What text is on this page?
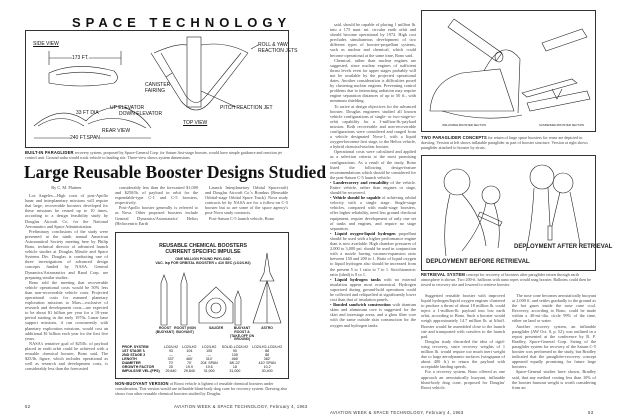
SPACE TECHNOLOGY
SIDE VIEW
173 FT.
ROLL & YAW
REACTION JETS
CANISTER
FAIRING
33 FT DIA
UP ELEVATOR
DOWN ELEVATOR
PITCH REACTION JET
REAR VIEW
TOP VIEW
240 FT.SPAN
BUILT-IN PARAGLIDER recovery system, proposed by Space-General Corp. for Saturn first-stage booster, would have simple guidance and reaction jet control unit. Ground radar would track vehicle to landing site. Three-view shows system dimensions.
Large Reusable Booster Designs Studied
By C. M. Plattner

Los Angeles—High costs of post-Apollo lunar and interplanetary missions will require that large, recoverable boosters developed for these missions be reused up to 10 times, according to a design feasibility study by Douglas Aircraft Co. for the National Aeronautics and Space Administration.

Preliminary conclusions of the study were presented at the ninth annual American Astronautical Society meeting here by Philip Bono, technical director of advanced launch vehicle studies at Douglas Missile and Space Systems Div. Douglas is conducting one of three investigations of advanced design concepts funded by NASA. General Dynamics/Astronautics and Rand Corp. are preparing similar studies.

Bono told the meeting that recoverable vehicle operational costs would be 50% less than non-recoverable vehicle costs. Projected operational costs for manned planetary exploration missions to Mars—exclusive of research and development costs—are expected to be about $1 billion per year for a 10-year period starting in the early 1970s. Lunar base support missions, if run concurrently with planetary exploration missions, would cost an additional $1 billion each year for the first five years.

NASA's tentative goal of $25/lb. of payload placed in earth orbit could be achieved with a reusable chemical booster, Bono said. The $25/lb. figure, which includes operational as well as research and development costs, is considerably less than the forecasted

considerably less than the forecasted $1,000 and $250/lb. of payload in orbit for the expendable-type C-1 and C-5 boosters, respectively.

Post-Apollo booster generally is referred to as Nova. Other proposed boosters include General Dynamics/Astronautics' Helios (Heliocentric Earth

Launch Interplanetary Orbital Spacecraft) and Douglas Aircraft Co.'s Rombus (Reusable Orbital-stage Orbital Space Truck). Nova study contracts let by NASA are for a follow-on C-5 booster but so are some of the space agency's post-Nova study contracts.

Post-Saturn C-5 launch vehicle, Bono

REUSABLE CHEMICAL BOOSTERS
CURRENT SPECIFIC IMPULSE
ONE MILLION POUND PAYLOAD
VAC. Isp FOR ORBITAL BOOSTER = 410 SEC (LO2/LH2)
ROOST (BUOYANT)
ROOST (NON BUOYANT)
SAUCER	BUOYANT ROOST & (TAKE-OFF ON GROUND)
ASTRO
PROP. SYSTEM	LO2/LH2	LO2/LH2	LO2/LH2	SOLID-LO2/LH2	LO2/LH2-LO2/LH2
1ST STAGE λ	93	104	105	90	88
2ND STAGE λ	—	—	—	105	88
LENGTH	337'	460'	310'	466'	382'
DIAMETER	70'	70'	204' SPAN	68'-22'	410' SPAN
GROWTH FACTOR	25	19.9	19.6	18	10.2
IMPULSIVE VEL.(FPS)	29,840	29,840	31,000	31,000	30,400
NON-BUOYANT VERSION of Roost vehicle is lightest of reusable chemical boosters under consideration. This version would use inflatable blunt-body drag cone for recovery system. Drawing also shows four other reusable chemical boosters studied by Douglas.
52	AVIATION WEEK & SPACE TECHNOLOGY, February 4, 1963

said, should be capable of placing 1 million lb. into a 175 naut. mi. circular earth orbit and should become operational by 1972. High cost precludes simultaneous development of two different types of booster-propellant systems, such as nuclear and chemical, which could become operational at the same time, Bono said.

Chemical, rather than nuclear engines are suggested, since nuclear engines of sufficient thrust levels even for upper stages probably will not be available by the projected operational dates. Another consideration is difficulties posed by clustering nuclear engines. Preventing control problems due to interacting radiation may require engine separation distances of up to 50 ft., with minimum shielding.

To arrive at design objectives for the advanced booster, Douglas engineers studied all known vehicle configurations of single- or two-stage-to-orbit capability for a 1-million-lb.-payload mission. Both recoverable and non-recoverable configurations were considered and ranged from a vehicle designated Nova-1, with a liquid oxygen-kerosene first stage, to the Helios vehicle, a hybrid chemical-nuclear booster.

Operational costs were calculated and applied as a selection criteria to the most promising configurations. As a result of the study, Bono listed the following design-feature recommendations which should be considered for the post-Saturn C-5 launch vehicle:

• Landrecovery and reusability of the vehicle. Entire vehicle, rather than engines or stage, should be recovered.

• Vehicle should be capable of achieving orbital velocity with a single stage. Single-stage vehicles, compared with multi-stage boosters, offer higher reliability, need less ground checkout equipment, require development of only one set of tanks and engines, and require no stage separation.

• Liquid oxygen-liquid hydrogen propellant should be used with a higher performance engine than is now available. High chamber pressures of 2,000 to 3,000 psi. should be used in conjunction with a nozzle having vacuum-expansion ratio between 150 and 200 to 1. Ratio of liquid oxygen to liquid hydrogen also should be increased from the present 5 to 1 ratio to 7 to 1. Stoichiometric ratio (ideal) is 8 to 1.

• Liquid hydrogen tanks with no external insulation appear most economical. Hydrogen vaporized during ground-hold operations could be collected and reliquefied at significantly lower cost than that of insulation panels.

• Bonded sandwich construction with titanium skins and aluminum core is suggested for the skirt and interstage areas, and a glass fiber core with the same outside skin construction for the oxygen and hydrogen tanks.

INFLATABLE BOOSTER SECTION	SUSPENDED BOOSTER SECTION
TWO PARAGLIDER CONCEPTS for return of large space boosters for reuse are depicted in drawing. Version at left shows inflatable paraglider as part of booster structure. Version at right shows paraglider attached to booster by struts.
DEPLOYMENT BEFORE RETRIEVAL
DEPLOYMENT AFTER RETRIEVAL
RETRIEVAL SYSTEM concept for recovery of boosters after paraglider return through earth atmosphere is shown. Two 200-ft. balloons with nano ropes would snag booster. Balloons could then be towed to recovery site and lowered to retrieve booster.

Suggested reusable booster with improved liquid hydrogen/liquid oxygen engines clustered to produce a thrust of about 18 million lb. could inject a 1-million-lb. payload into low earth orbit, according to Bono. Such a booster would weigh approximately 14.7 million lb. at liftoff. Booster would be assembled close to the launch site and transported with crawlers to the launch pad.

Douglas study discarded the idea of rigid-wing recovery, since recovery weights of 1 million lb. would require too much inert weight due to large aerodynamic surfaces (wingspans of about 400 ft.) to return the payload with acceptable landing speeds.

For a recovery system, Bono offered as one approach an aerostatically buoyant, inflatable blunt-body drag cone, proposed for Douglas' Roost vehicle.

The nose cone becomes aerostatically buoyant at 2,000 ft. and settles gradually to the ground as the hot gases inside the nose cone cool. Recovery, according to Bono, could be made within a 40-mi.-dia. circle 99% of the time, either on land or water.

Another recovery system, an inflatable paraglider (AW Oct. 8, p. 52), was outlined in a report presented at the conference by R. F. Bradley, Space-General Corp. Sizing of the paraglider system for recovery of the Saturn C-5 booster was performed in the study, but Bradley indicated that the paraglider-recovery concept appeared equally promising for future large boosters.

Space-General studies have shown, Bradley said, that any method costing less than 10% of the booster burnout weight is worth considering from an

AVIATION WEEK & SPACE TECHNOLOGY, February 4, 1963	53
